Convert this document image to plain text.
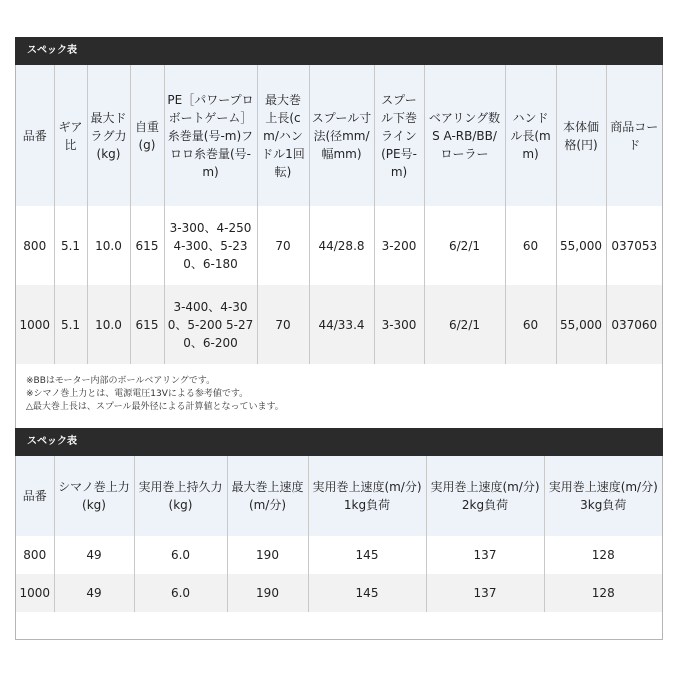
スペック表
品番	ギア比	最大ドラグ力(kg)	自重(g)	PE［パワープロボートゲーム］糸巻量(号-m)フロロ糸巻量(号-m)	最大巻上長(cm/ハンドル1回転)	スプール寸法(径mm/幅mm)	スプール下巻ライン(PE号-m)	ベアリング数S A-RB/BB/ローラー	ハンドル長(mm)	本体価格(円)	商品コード
800	5.1	10.0	615	3-300、4-250 4-300、5-230、6-180	70	44/28.8	3-200	6/2/1	60	55,000	037053
1000	5.1	10.0	615	3-400、4-300、5-200 5-270、6-200	70	44/33.4	3-300	6/2/1	60	55,000	037060
※BBはモーター内部のボールベアリングです。
※シマノ巻上力とは、電源電圧13Vによる参考値です。
△最大巻上長は、スプール最外径による計算値となっています。
スペック表
品番	シマノ巻上力(kg)	実用巻上持久力(kg)	最大巻上速度(m/分)	実用巻上速度(m/分)1kg負荷	実用巻上速度(m/分)2kg負荷	実用巻上速度(m/分)3kg負荷
800	49	6.0	190	145	137	128
1000	49	6.0	190	145	137	128
